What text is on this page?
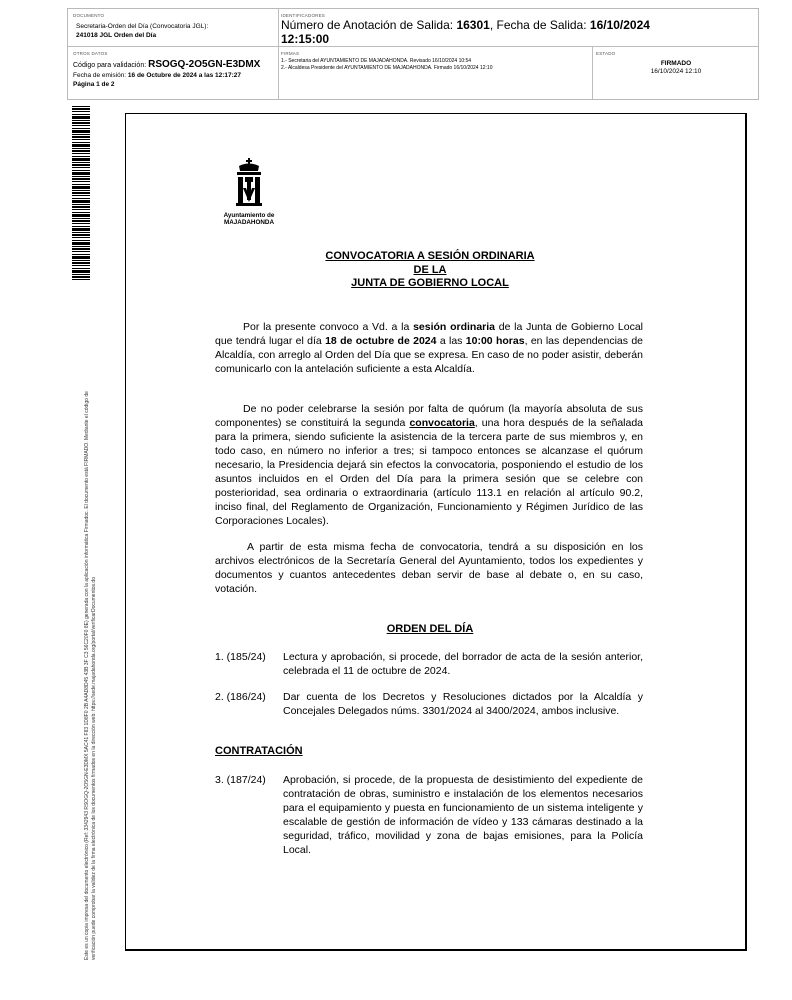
DOCUMENTO
Secretaria-Orden del Día (Convocatoria JGL):
241018 JGL Orden del Día
IDENTIFICADORES
Número de Anotación de Salida: 16301, Fecha de Salida: 16/10/2024
12:15:00
OTROS DATOS
Código para validación: RSOGQ-2O5GN-E3DMX
Fecha de emisión: 16 de Octubre de 2024 a las 12:17:27
Página 1 de 2
FIRMAS
1.- Secretaria del AYUNTAMIENTO DE MAJADAHONDA. Revisado 16/10/2024 10:54
2.- Alcaldesa Presidente del AYUNTAMIENTO DE MAJADAHONDA. Firmado 16/10/2024 12:10
ESTADO
FIRMADO
16/10/2024 12:10
Este es un copia impresa del documento electrónico (Ref: 3342943 RSOGQ-2O5GN-E3DMX 5AC41 F83 1D8F0 2B A4AD8D45 43B 3F C3 56C20F0 8E) generada con la aplicación informática Firmadoc. El documento está FIRMADO. Mediante el código de verificación puede comprobar la validez de la firma electrónica de los documentos firmados en la dirección web: https://sede.majadahonda.org/portal/verificarDocumentos.do
Ayuntamiento de
MAJADAHONDA
CONVOCATORIA A SESIÓN ORDINARIA
DE LA
JUNTA DE GOBIERNO LOCAL
Por la presente convoco a Vd. a la sesión ordinaria de la Junta de Gobierno Local que tendrá lugar el día 18 de octubre de 2024 a las 10:00 horas, en las dependencias de Alcaldía, con arreglo al Orden del Día que se expresa. En caso de no poder asistir, deberán comunicarlo con la antelación suficiente a esta Alcaldía.
De no poder celebrarse la sesión por falta de quórum (la mayoría absoluta de sus componentes) se constituirá la segunda convocatoria, una hora después de la señalada para la primera, siendo suficiente la asistencia de la tercera parte de sus miembros y, en todo caso, en número no inferior a tres; si tampoco entonces se alcanzase el quórum necesario, la Presidencia dejará sin efectos la convocatoria, posponiendo el estudio de los asuntos incluidos en el Orden del Día para la primera sesión que se celebre con posterioridad, sea ordinaria o extraordinaria (artículo 113.1 en relación al artículo 90.2, inciso final, del Reglamento de Organización, Funcionamiento y Régimen Jurídico de las Corporaciones Locales).
A partir de esta misma fecha de convocatoria, tendrá a su disposición en los archivos electrónicos de la Secretaría General del Ayuntamiento, todos los expedientes y documentos y cuantos antecedentes deban servir de base al debate o, en su caso, votación.
ORDEN DEL DÍA
1. (185/24) Lectura y aprobación, si procede, del borrador de acta de la sesión anterior, celebrada el 11 de octubre de 2024.
2. (186/24) Dar cuenta de los Decretos y Resoluciones dictados por la Alcaldía y Concejales Delegados núms. 3301/2024 al 3400/2024, ambos inclusive.
CONTRATACIÓN
3. (187/24) Aprobación, si procede, de la propuesta de desistimiento del expediente de contratación de obras, suministro e instalación de los elementos necesarios para el equipamiento y puesta en funcionamiento de un sistema inteligente y escalable de gestión de información de vídeo y 133 cámaras destinado a la seguridad, tráfico, movilidad y zona de bajas emisiones, para la Policía Local.
